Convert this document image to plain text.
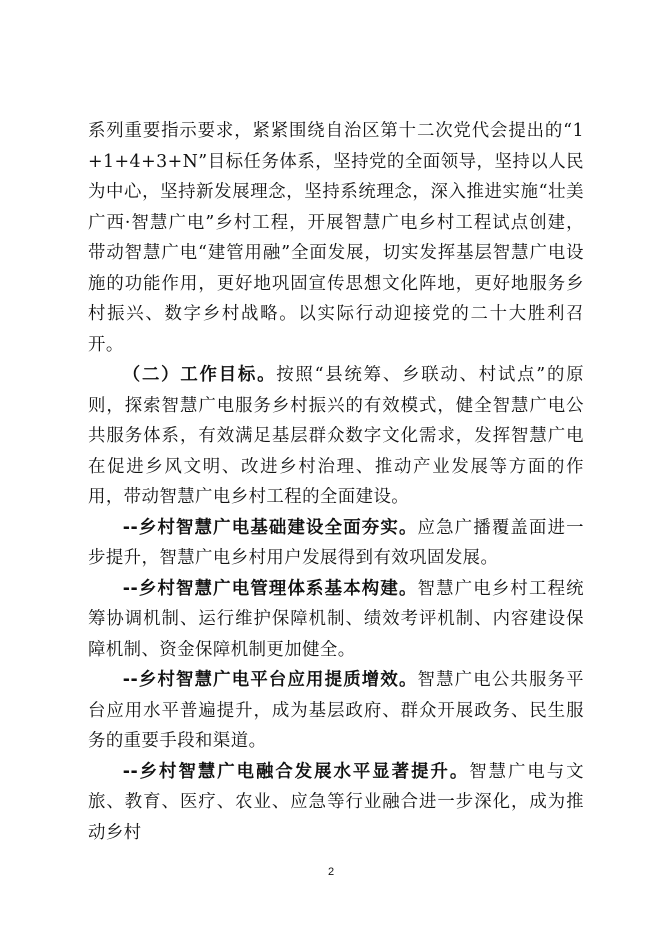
系列重要指示要求，紧紧围绕自治区第十二次党代会提出的“1+1+4+3+N”目标任务体系，坚持党的全面领导，坚持以人民为中心，坚持新发展理念，坚持系统理念，深入推进实施“壮美广西·智慧广电”乡村工程，开展智慧广电乡村工程试点创建，带动智慧广电“建管用融”全面发展，切实发挥基层智慧广电设施的功能作用，更好地巩固宣传思想文化阵地，更好地服务乡村振兴、数字乡村战略。以实际行动迎接党的二十大胜利召开。

（二）工作目标。按照“县统筹、乡联动、村试点”的原则，探索智慧广电服务乡村振兴的有效模式，健全智慧广电公共服务体系，有效满足基层群众数字文化需求，发挥智慧广电在促进乡风文明、改进乡村治理、推动产业发展等方面的作用，带动智慧广电乡村工程的全面建设。

--乡村智慧广电基础建设全面夯实。应急广播覆盖面进一步提升，智慧广电乡村用户发展得到有效巩固发展。

--乡村智慧广电管理体系基本构建。智慧广电乡村工程统筹协调机制、运行维护保障机制、绩效考评机制、内容建设保障机制、资金保障机制更加健全。

--乡村智慧广电平台应用提质增效。智慧广电公共服务平台应用水平普遍提升，成为基层政府、群众开展政务、民生服务的重要手段和渠道。

--乡村智慧广电融合发展水平显著提升。智慧广电与文旅、教育、医疗、农业、应急等行业融合进一步深化，成为推动乡村

2
